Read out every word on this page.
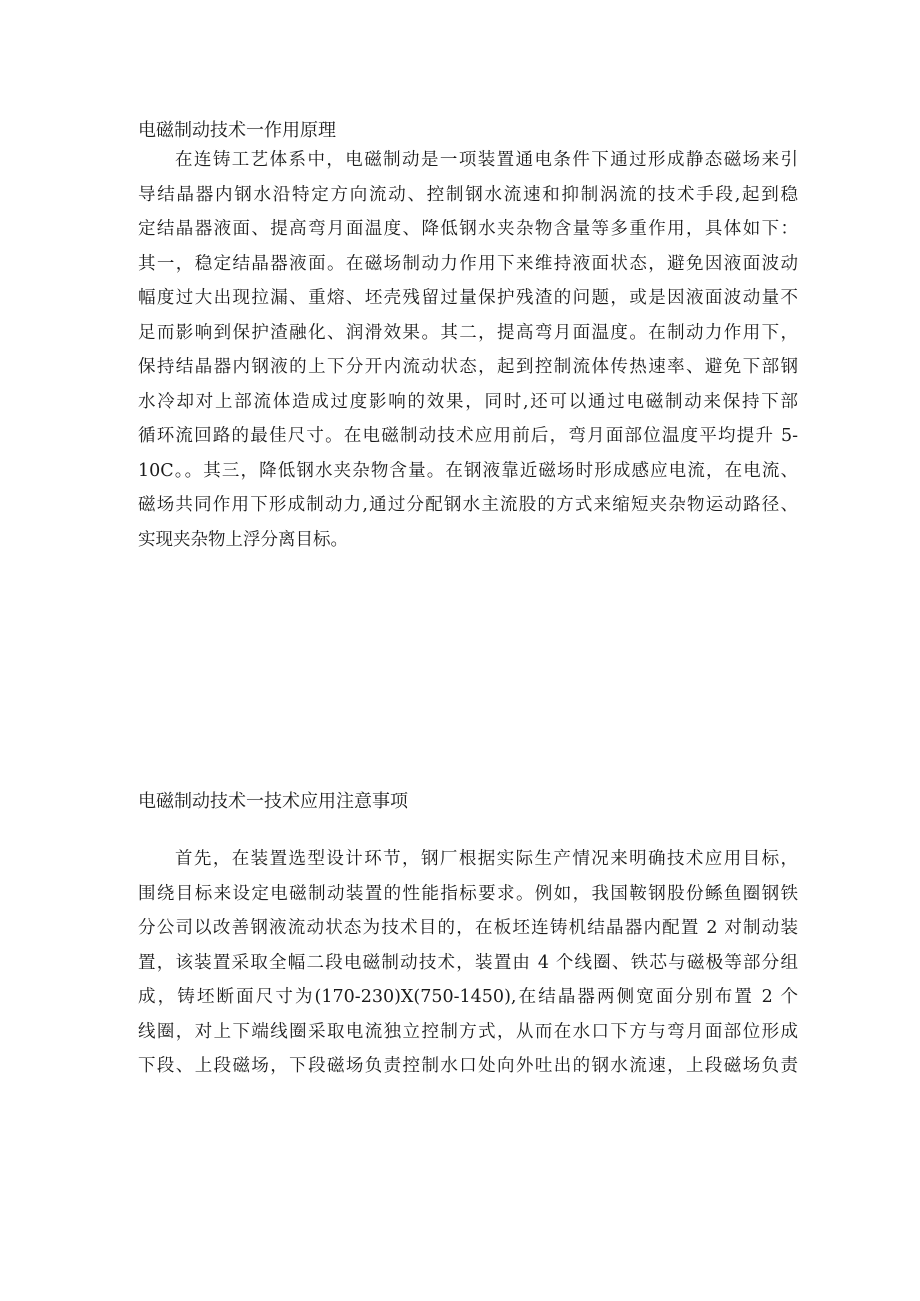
电磁制动技术一作用原理
在连铸工艺体系中，电磁制动是一项装置通电条件下通过形成静态磁场来引
导结晶器内钢水沿特定方向流动、控制钢水流速和抑制涡流的技术手段,起到稳
定结晶器液面、提高弯月面温度、降低钢水夹杂物含量等多重作用，具体如下：
其一，稳定结晶器液面。在磁场制动力作用下来维持液面状态，避免因液面波动
幅度过大出现拉漏、重熔、坯壳残留过量保护残渣的问题，或是因液面波动量不
足而影响到保护渣融化、润滑效果。其二，提高弯月面温度。在制动力作用下，
保持结晶器内钢液的上下分开内流动状态，起到控制流体传热速率、避免下部钢
水冷却对上部流体造成过度影响的效果，同时,还可以通过电磁制动来保持下部
循环流回路的最佳尺寸。在电磁制动技术应用前后，弯月面部位温度平均提升 5-
10C。。其三，降低钢水夹杂物含量。在钢液靠近磁场时形成感应电流，在电流、
磁场共同作用下形成制动力,通过分配钢水主流股的方式来缩短夹杂物运动路径、
实现夹杂物上浮分离目标。
电磁制动技术一技术应用注意事项
首先，在装置选型设计环节，钢厂根据实际生产情况来明确技术应用目标，
围绕目标来设定电磁制动装置的性能指标要求。例如，我国鞍钢股份鲧鱼圈钢铁
分公司以改善钢液流动状态为技术目的，在板坯连铸机结晶器内配置 2 对制动装
置，该装置采取全幅二段电磁制动技术，装置由 4 个线圈、铁芯与磁极等部分组
成，铸坯断面尺寸为(170-230)X(750-1450),在结晶器两侧宽面分别布置 2 个
线圈，对上下端线圈采取电流独立控制方式，从而在水口下方与弯月面部位形成
下段、上段磁场，下段磁场负责控制水口处向外吐出的钢水流速，上段磁场负责
